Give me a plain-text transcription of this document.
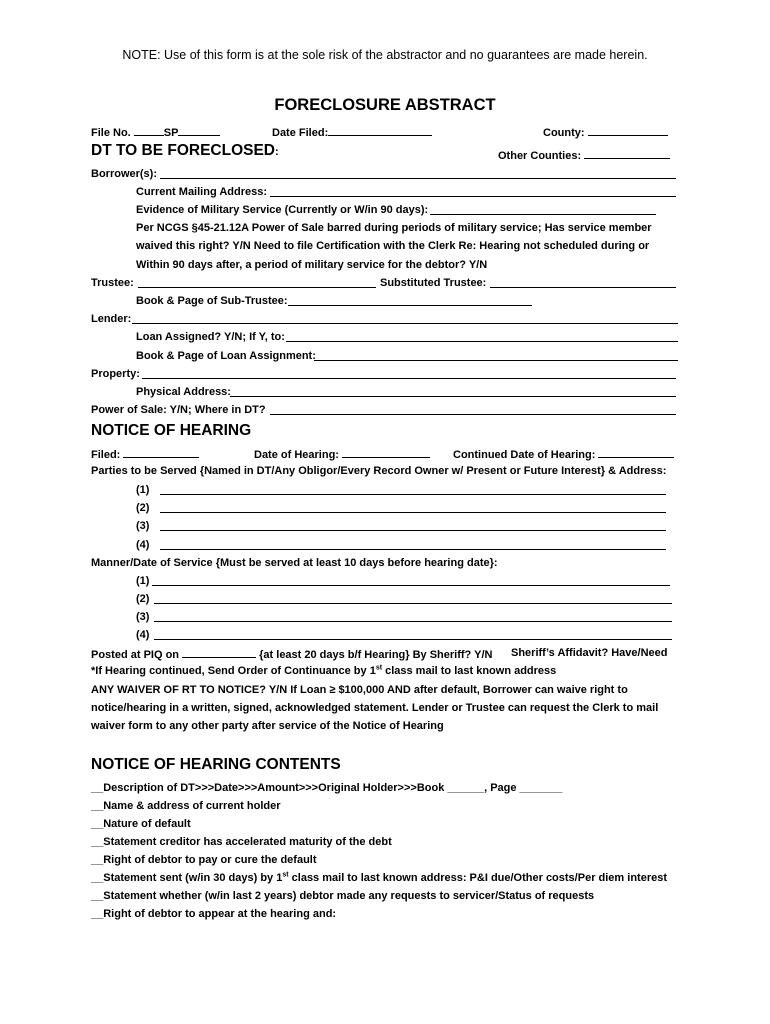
NOTE: Use of this form is at the sole risk of the abstractor and no guarantees are made herein.
FORECLOSURE ABSTRACT
File No.	SP	Date Filed:	County:
DT TO BE FORECLOSED:	Other Counties:
Borrower(s):
Current Mailing Address:
Evidence of Military Service (Currently or W/in 90 days):
Per NCGS §45-21.12A Power of Sale barred during periods of military service; Has service member
waived this right? Y/N Need to file Certification with the Clerk Re: Hearing not scheduled during or
Within 90 days after, a period of military service for the debtor? Y/N
Trustee:	Substituted Trustee:
Book & Page of Sub-Trustee:
Lender:
Loan Assigned? Y/N; If Y, to:
Book & Page of Loan Assignment:
Property:
Physical Address:
Power of Sale: Y/N; Where in DT?
NOTICE OF HEARING
Filed:	Date of Hearing:	Continued Date of Hearing:
Parties to be Served {Named in DT/Any Obligor/Every Record Owner w/ Present or Future Interest} & Address:
(1)
(2)
(3)
(4)
Manner/Date of Service {Must be served at least 10 days before hearing date}:
(1)
(2)
(3)
(4)
Posted at PIQ on	{at least 20 days b/f Hearing} By Sheriff? Y/N Sheriff’s Affidavit? Have/Need
*If Hearing continued, Send Order of Continuance by 1st class mail to last known address
ANY WAIVER OF RT TO NOTICE? Y/N If Loan ≥ $100,000 AND after default, Borrower can waive right to
notice/hearing in a written, signed, acknowledged statement. Lender or Trustee can request the Clerk to mail
waiver form to any other party after service of the Notice of Hearing
NOTICE OF HEARING CONTENTS
__Description of DT>>>Date>>>Amount>>>Original Holder>>>Book ______, Page _______
__Name & address of current holder
__Nature of default
__Statement creditor has accelerated maturity of the debt
__Right of debtor to pay or cure the default
__Statement sent (w/in 30 days) by 1st class mail to last known address: P&I due/Other costs/Per diem interest
__Statement whether (w/in last 2 years) debtor made any requests to servicer/Status of requests
__Right of debtor to appear at the hearing and:
